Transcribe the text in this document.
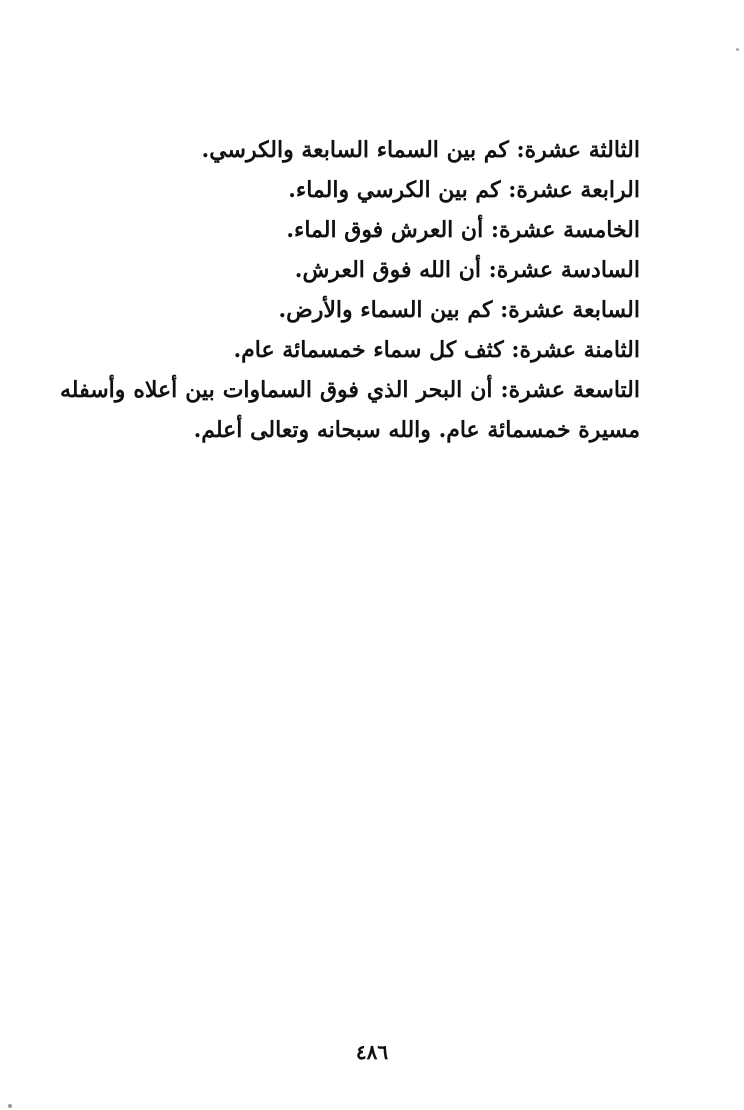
الثالثة عشرة: كم بين السماء السابعة والكرسي.
الرابعة عشرة: كم بين الكرسي والماء.
الخامسة عشرة: أن العرش فوق الماء.
السادسة عشرة: أن الله فوق العرش.
السابعة عشرة: كم بين السماء والأرض.
الثامنة عشرة: كثف كل سماء خمسمائة عام.
التاسعة عشرة: أن البحر الذي فوق السماوات بين أعلاه وأسفله مسيرة خمسمائة عام. والله سبحانه وتعالى أعلم.
٤٨٦
